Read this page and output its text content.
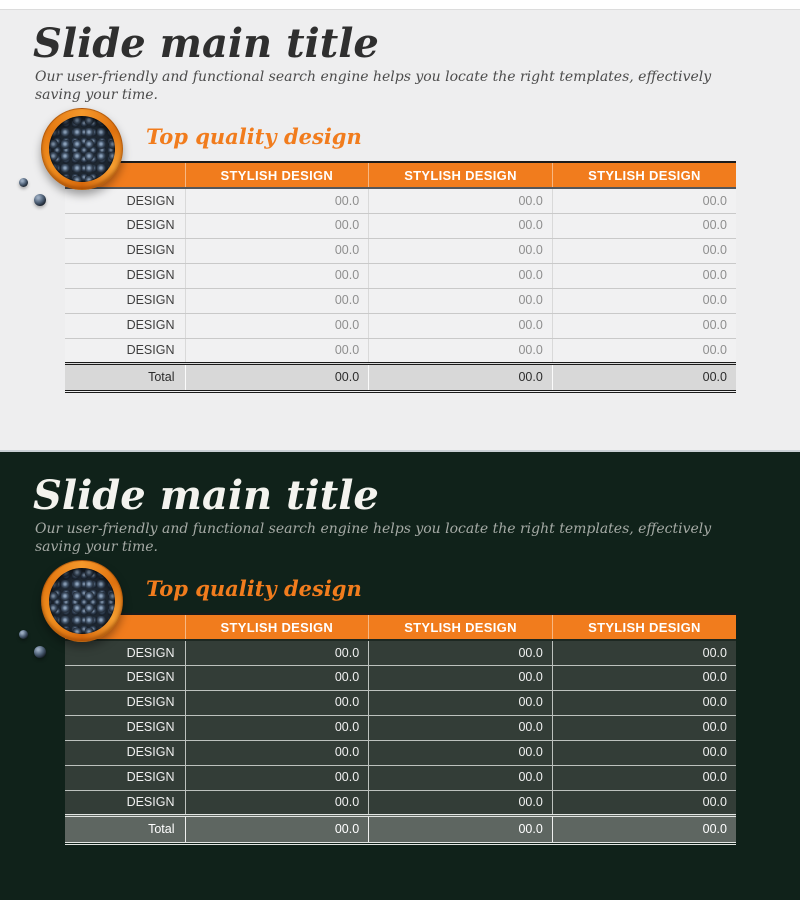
Slide main title

Our user-friendly and functional search engine helps you locate the right templates, effectively saving your time.

Top quality design
	STYLISH DESIGN	STYLISH DESIGN	STYLISH DESIGN
DESIGN	00.0	00.0	00.0
DESIGN	00.0	00.0	00.0
DESIGN	00.0	00.0	00.0
DESIGN	00.0	00.0	00.0
DESIGN	00.0	00.0	00.0
DESIGN	00.0	00.0	00.0
DESIGN	00.0	00.0	00.0
Total	00.0	00.0	00.0
Slide main title

Our user-friendly and functional search engine helps you locate the right templates, effectively saving your time.

Top quality design
	STYLISH DESIGN	STYLISH DESIGN	STYLISH DESIGN
DESIGN	00.0	00.0	00.0
DESIGN	00.0	00.0	00.0
DESIGN	00.0	00.0	00.0
DESIGN	00.0	00.0	00.0
DESIGN	00.0	00.0	00.0
DESIGN	00.0	00.0	00.0
DESIGN	00.0	00.0	00.0
Total	00.0	00.0	00.0
